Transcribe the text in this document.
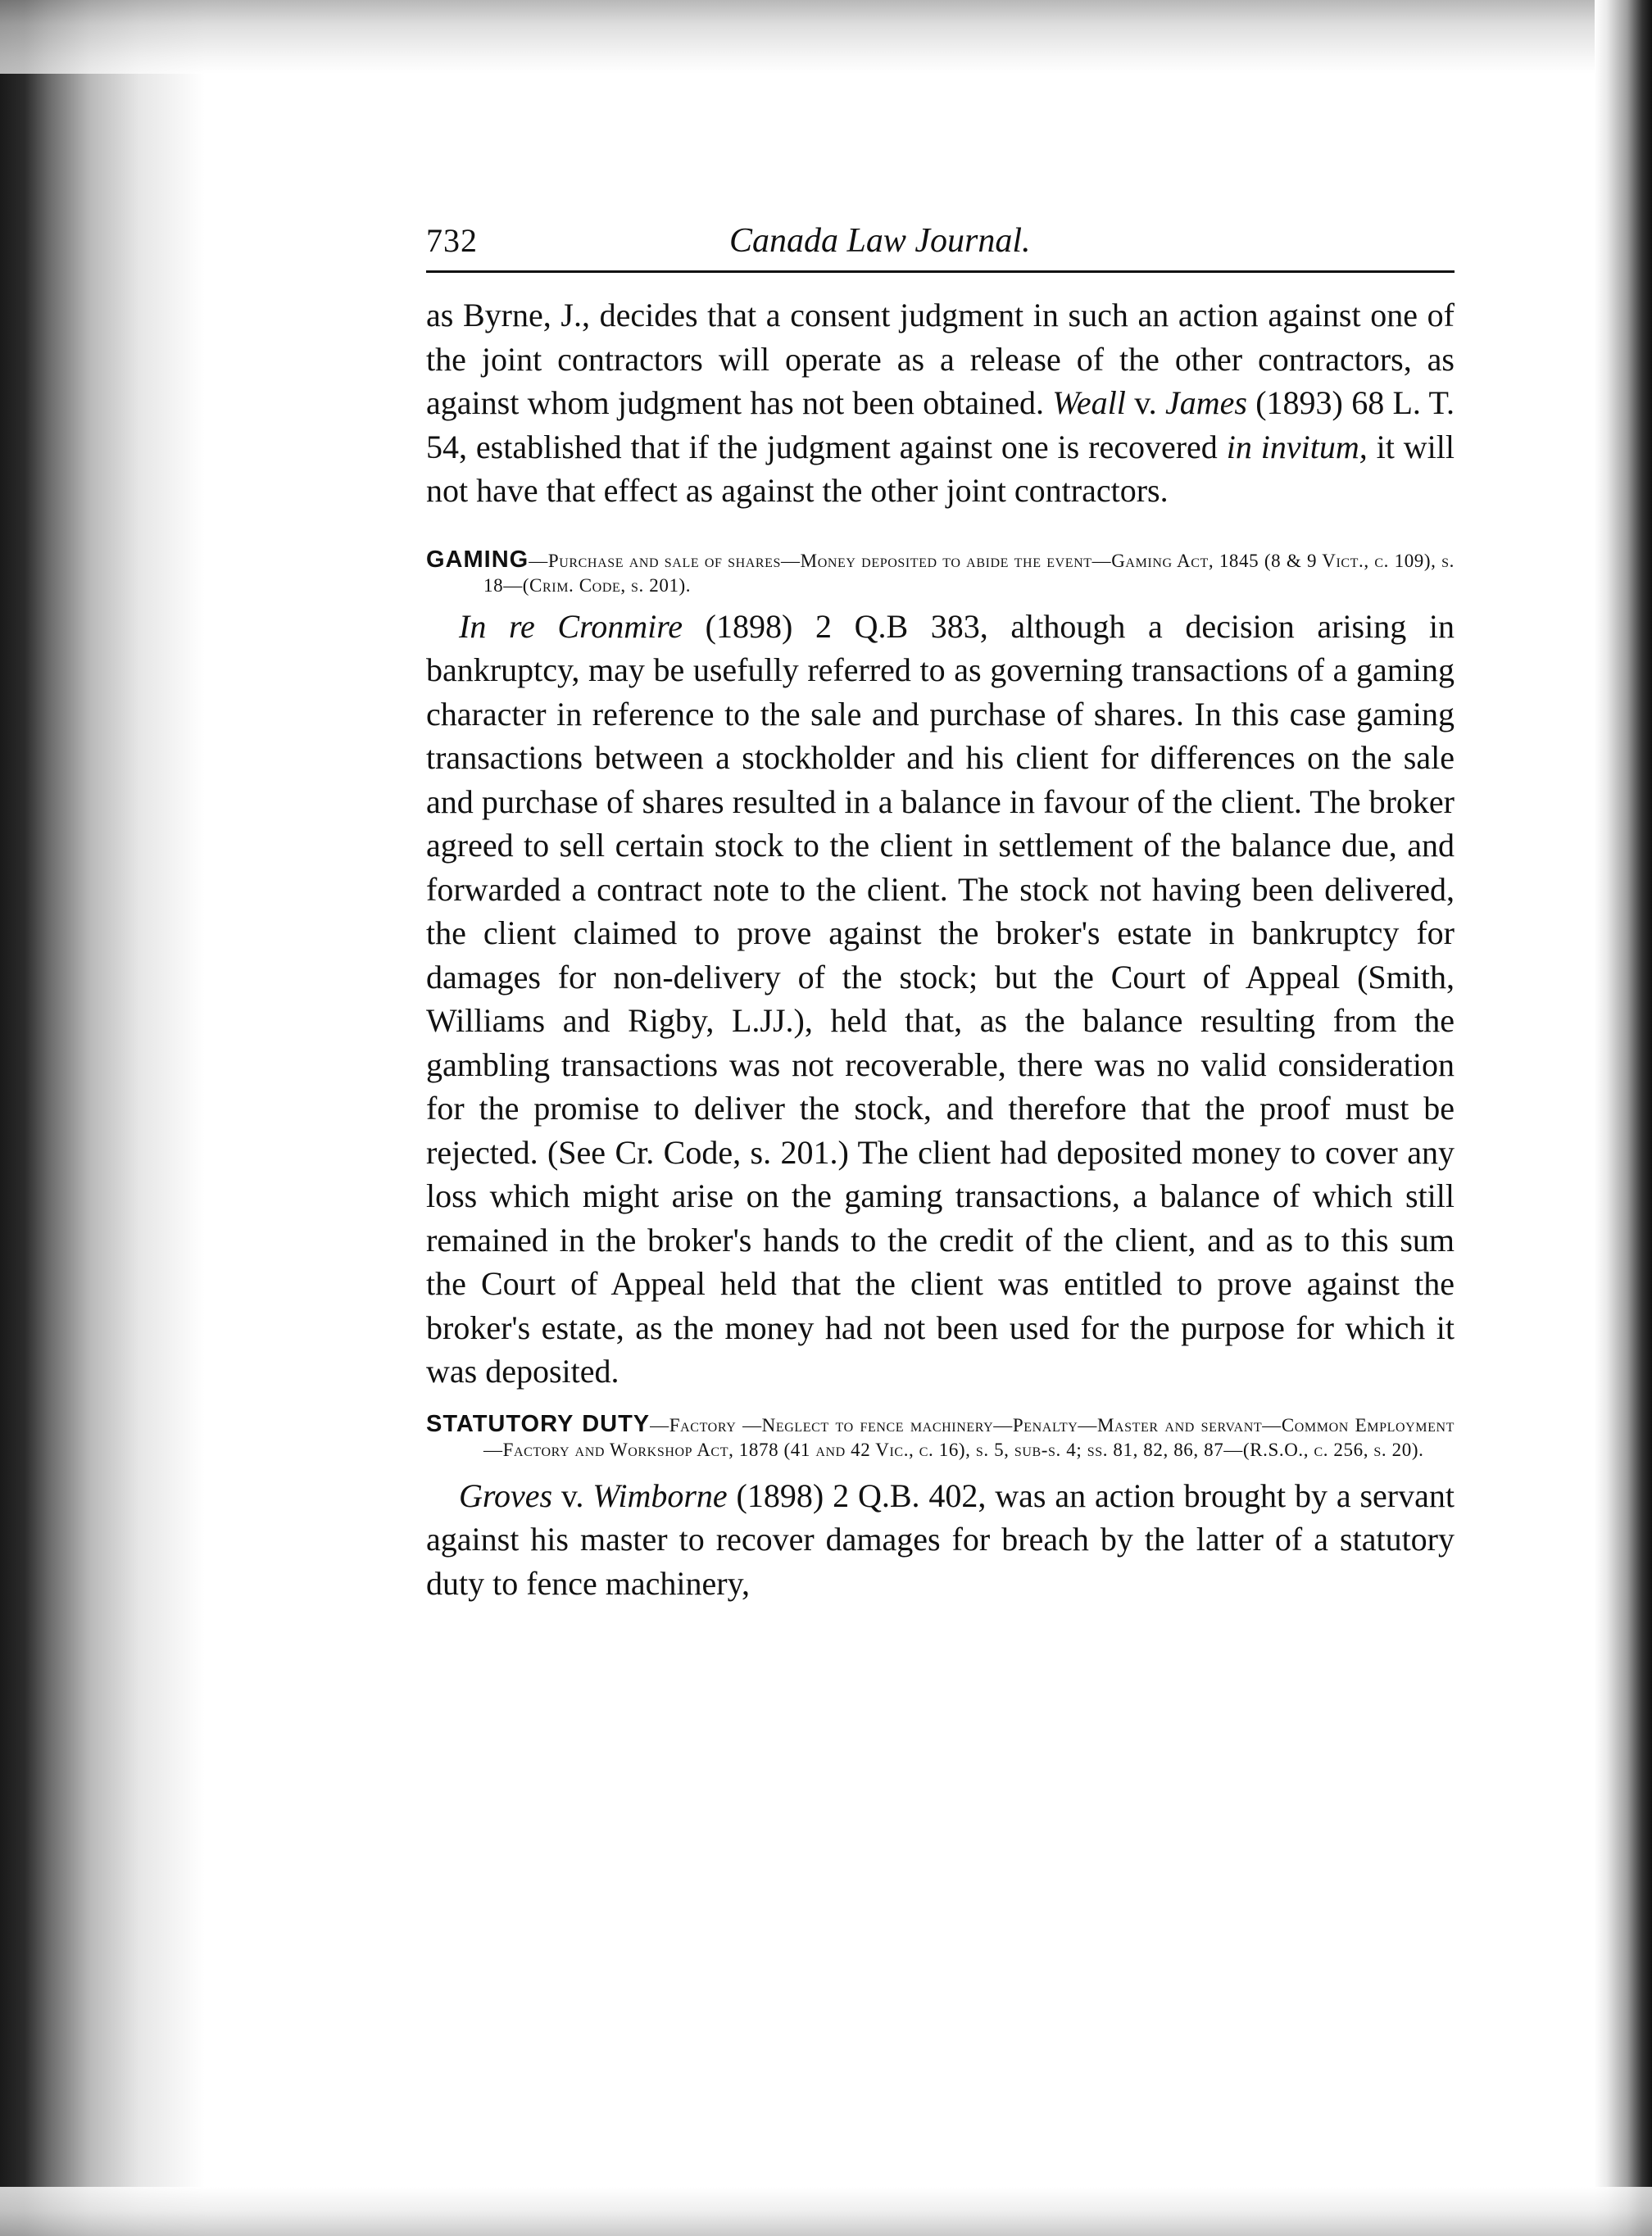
732	Canada Law Journal.

as Byrne, J., decides that a consent judgment in such an action against one of the joint contractors will operate as a release of the other contractors, as against whom judgment has not been obtained. Weall v. James (1893) 68 L. T. 54, established that if the judgment against one is recovered in invitum, it will not have that effect as against the other joint contractors.

GAMING—Purchase and sale of shares—Money deposited to abide the event—Gaming Act, 1845 (8 & 9 Vict., c. 109), s. 18—(Crim. Code, s. 201).

In re Cronmire (1898) 2 Q.B 383, although a decision arising in bankruptcy, may be usefully referred to as governing transactions of a gaming character in reference to the sale and purchase of shares. In this case gaming transactions between a stockholder and his client for differences on the sale and purchase of shares resulted in a balance in favour of the client. The broker agreed to sell certain stock to the client in settlement of the balance due, and forwarded a contract note to the client. The stock not having been delivered, the client claimed to prove against the broker's estate in bankruptcy for damages for non-delivery of the stock; but the Court of Appeal (Smith, Williams and Rigby, L.JJ.), held that, as the balance resulting from the gambling transactions was not recoverable, there was no valid consideration for the promise to deliver the stock, and therefore that the proof must be rejected. (See Cr. Code, s. 201.) The client had deposited money to cover any loss which might arise on the gaming transactions, a balance of which still remained in the broker's hands to the credit of the client, and as to this sum the Court of Appeal held that the client was entitled to prove against the broker's estate, as the money had not been used for the purpose for which it was deposited.

STATUTORY DUTY—Factory —Neglect to fence machinery—Penalty—Master and servant—Common Employment—Factory and Workshop Act, 1878 (41 and 42 Vic., c. 16), s. 5, sub-s. 4; ss. 81, 82, 86, 87—(R.S.O., c. 256, s. 20).

Groves v. Wimborne (1898) 2 Q.B. 402, was an action brought by a servant against his master to recover damages for breach by the latter of a statutory duty to fence machinery,
